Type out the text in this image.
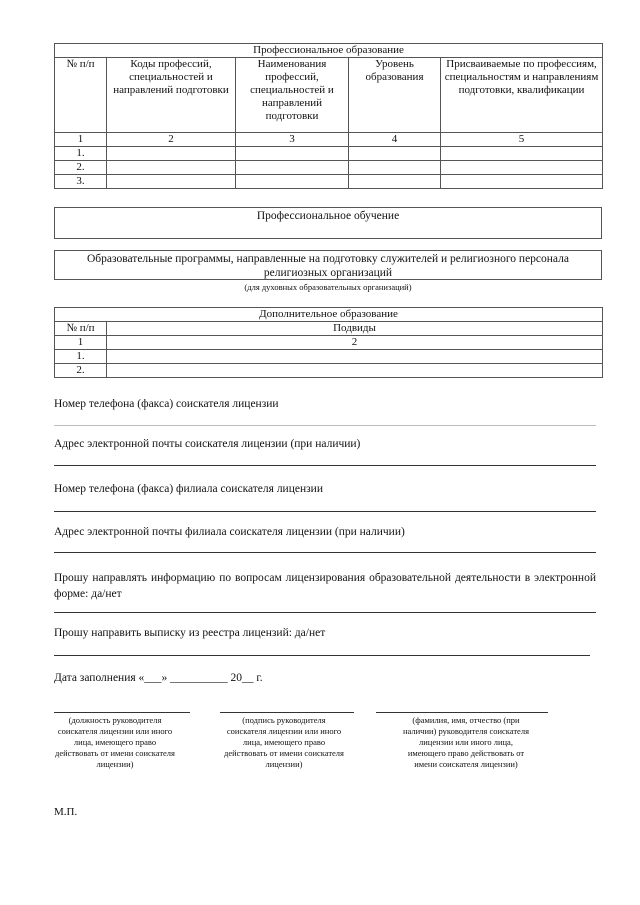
Профессиональное образование				
№ п/п	Коды профессий, специальностей и направлений подготовки	Наименования профессий, специальностей и направлений подготовки	Уровень образования	Присваиваемые по профессиям, специальностям и направлениям подготовки, квалификации
1	2	3	4	5
1.				
2.				
3.				
Профессиональное обучение
Образовательные программы, направленные на подготовку служителей и религиозного персонала религиозных организаций
(для духовных образовательных организаций)
Дополнительное образование	
№ п/п	Подвиды
1	2
1.	
2.	
Номер телефона (факса) соискателя лицензии
Адрес электронной почты соискателя лицензии (при наличии)
Номер телефона (факса) филиала соискателя лицензии
Адрес электронной почты филиала соискателя лицензии (при наличии)
Прошу направлять информацию по вопросам лицензирования образовательной деятельности в электронной форме: да/нет
Прошу направить выписку из реестра лицензий: да/нет
Дата заполнения «___» __________ 20__ г.
(должность руководителя соискателя лицензии или иного лица, имеющего право действовать от имени соискателя лицензии)
(подпись руководителя соискателя лицензии или иного лица, имеющего право действовать от имени соискателя лицензии)
(фамилия, имя, отчество (при наличии) руководителя соискателя лицензии или иного лица, имеющего право действовать от имени соискателя лицензии)
М.П.
